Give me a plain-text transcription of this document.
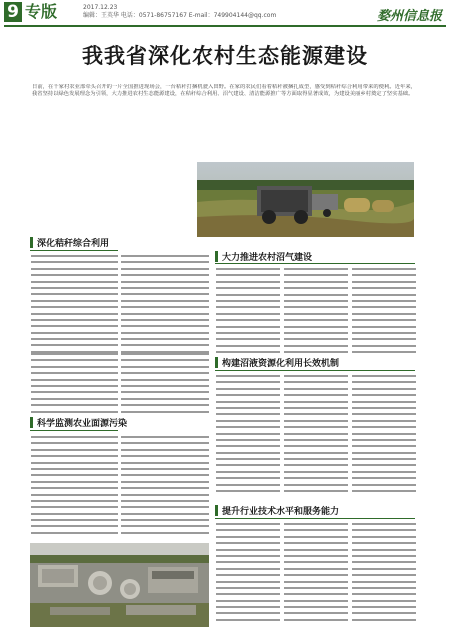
9 专版	2017.12.23
编辑：王英华 电话：0571-86757167 E-mail：749904144@qq.com	婺州信息报
我我省深化农村生态能源建设
日前，在千家村农业部牵头召开的一片全国推进现场会，一台秸秆打捆机驶入田野。在家的农民们看着秸秆被捆扎成型，感受到秸秆综合利用带来的便利。近年来，我省坚持以绿色发展理念为引领，大力推进农村生态能源建设，在秸秆综合利用、沼气建设、清洁能源推广等方面取得显著成效，为建设美丽乡村奠定了坚实基础。
深化秸秆综合利用
大力推进农村沼气建设
科学监测农业面源污染
构建沼液资源化利用长效机制
提升行业技术水平和服务能力
